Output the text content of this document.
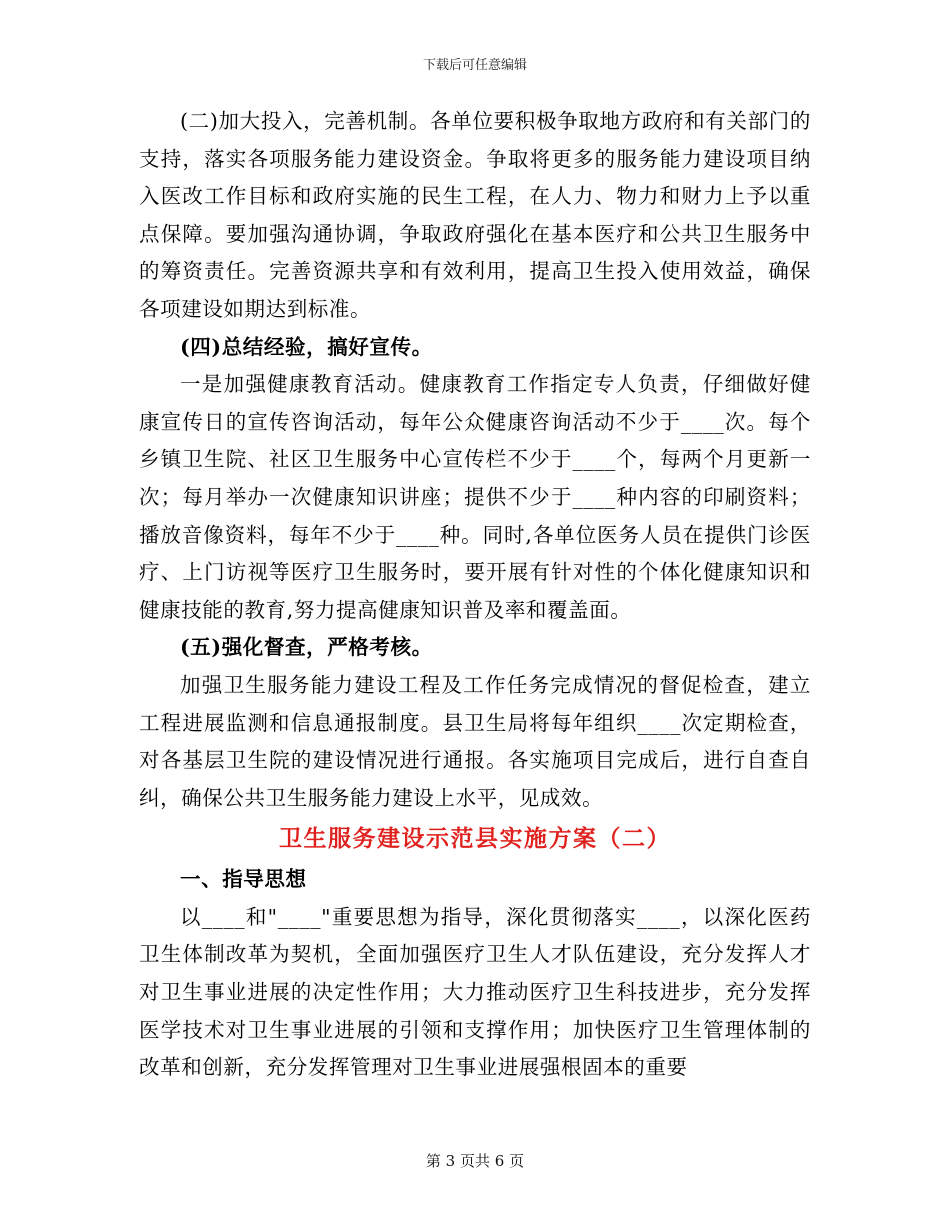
下载后可任意编辑

(二)加大投入，完善机制。各单位要积极争取地方政府和有关部门的支持，落实各项服务能力建设资金。争取将更多的服务能力建设项目纳入医改工作目标和政府实施的民生工程，在人力、物力和财力上予以重点保障。要加强沟通协调，争取政府强化在基本医疗和公共卫生服务中的筹资责任。完善资源共享和有效利用，提高卫生投入使用效益，确保各项建设如期达到标准。

(四)总结经验，搞好宣传。

一是加强健康教育活动。健康教育工作指定专人负责，仔细做好健康宣传日的宣传咨询活动，每年公众健康咨询活动不少于____次。每个乡镇卫生院、社区卫生服务中心宣传栏不少于____个，每两个月更新一次；每月举办一次健康知识讲座；提供不少于____种内容的印刷资料；播放音像资料，每年不少于____种。同时,各单位医务人员在提供门诊医疗、上门访视等医疗卫生服务时，要开展有针对性的个体化健康知识和健康技能的教育,努力提高健康知识普及率和覆盖面。

(五)强化督查，严格考核。

加强卫生服务能力建设工程及工作任务完成情况的督促检查，建立工程进展监测和信息通报制度。县卫生局将每年组织____次定期检查，对各基层卫生院的建设情况进行通报。各实施项目完成后，进行自查自纠，确保公共卫生服务能力建设上水平，见成效。

卫生服务建设示范县实施方案（二）

一、指导思想

以____和"____"重要思想为指导，深化贯彻落实____，以深化医药卫生体制改革为契机，全面加强医疗卫生人才队伍建设，充分发挥人才对卫生事业进展的决定性作用；大力推动医疗卫生科技进步，充分发挥医学技术对卫生事业进展的引领和支撑作用；加快医疗卫生管理体制的改革和创新，充分发挥管理对卫生事业进展强根固本的重要

第 3 页共 6 页
